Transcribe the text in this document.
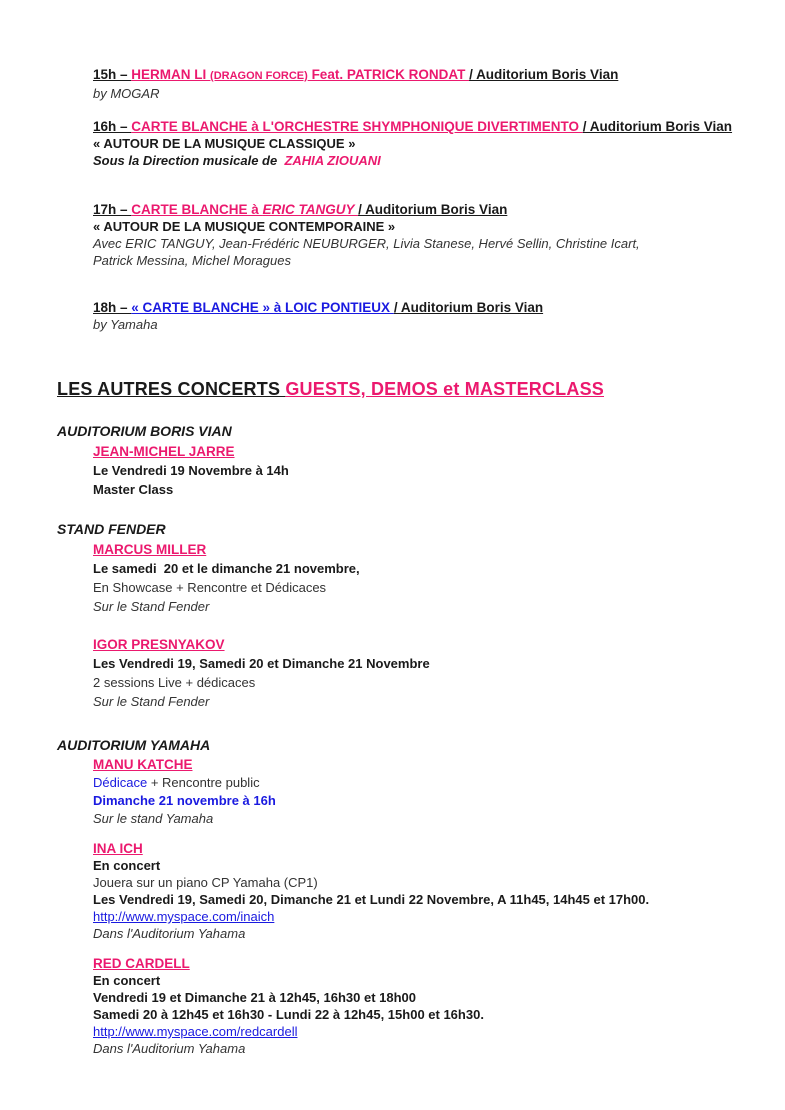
15h – HERMAN LI (DRAGON FORCE) Feat. PATRICK RONDAT / Auditorium Boris Vian

by MOGAR

16h – CARTE BLANCHE à L'ORCHESTRE SHYMPHONIQUE DIVERTIMENTO / Auditorium Boris Vian

« AUTOUR DE LA MUSIQUE CLASSIQUE »

Sous la Direction musicale de  ZAHIA ZIOUANI

17h – CARTE BLANCHE à ERIC TANGUY / Auditorium Boris Vian

« AUTOUR DE LA MUSIQUE CONTEMPORAINE »

Avec ERIC TANGUY, Jean-Frédéric NEUBURGER, Livia Stanese, Hervé Sellin, Christine Icart,

Patrick Messina, Michel Moragues

18h – « CARTE BLANCHE » à LOIC PONTIEUX / Auditorium Boris Vian

by Yamaha

LES AUTRES CONCERTS GUESTS, DEMOS et MASTERCLASS

AUDITORIUM BORIS VIAN

JEAN-MICHEL JARRE

Le Vendredi 19 Novembre à 14h

Master Class

STAND FENDER

MARCUS MILLER

Le samedi  20 et le dimanche 21 novembre,

En Showcase + Rencontre et Dédicaces

Sur le Stand Fender

IGOR PRESNYAKOV

Les Vendredi 19, Samedi 20 et Dimanche 21 Novembre

2 sessions Live + dédicaces

Sur le Stand Fender

AUDITORIUM YAMAHA

MANU KATCHE

Dédicace + Rencontre public

Dimanche 21 novembre à 16h

Sur le stand Yamaha

INA ICH

En concert

Jouera sur un piano CP Yamaha (CP1)

Les Vendredi 19, Samedi 20, Dimanche 21 et Lundi 22 Novembre, A 11h45, 14h45 et 17h00.

http://www.myspace.com/inaich

Dans l'Auditorium Yahama

RED CARDELL

En concert

Vendredi 19 et Dimanche 21 à 12h45, 16h30 et 18h00

Samedi 20 à 12h45 et 16h30 - Lundi 22 à 12h45, 15h00 et 16h30.

http://www.myspace.com/redcardell

Dans l'Auditorium Yahama
